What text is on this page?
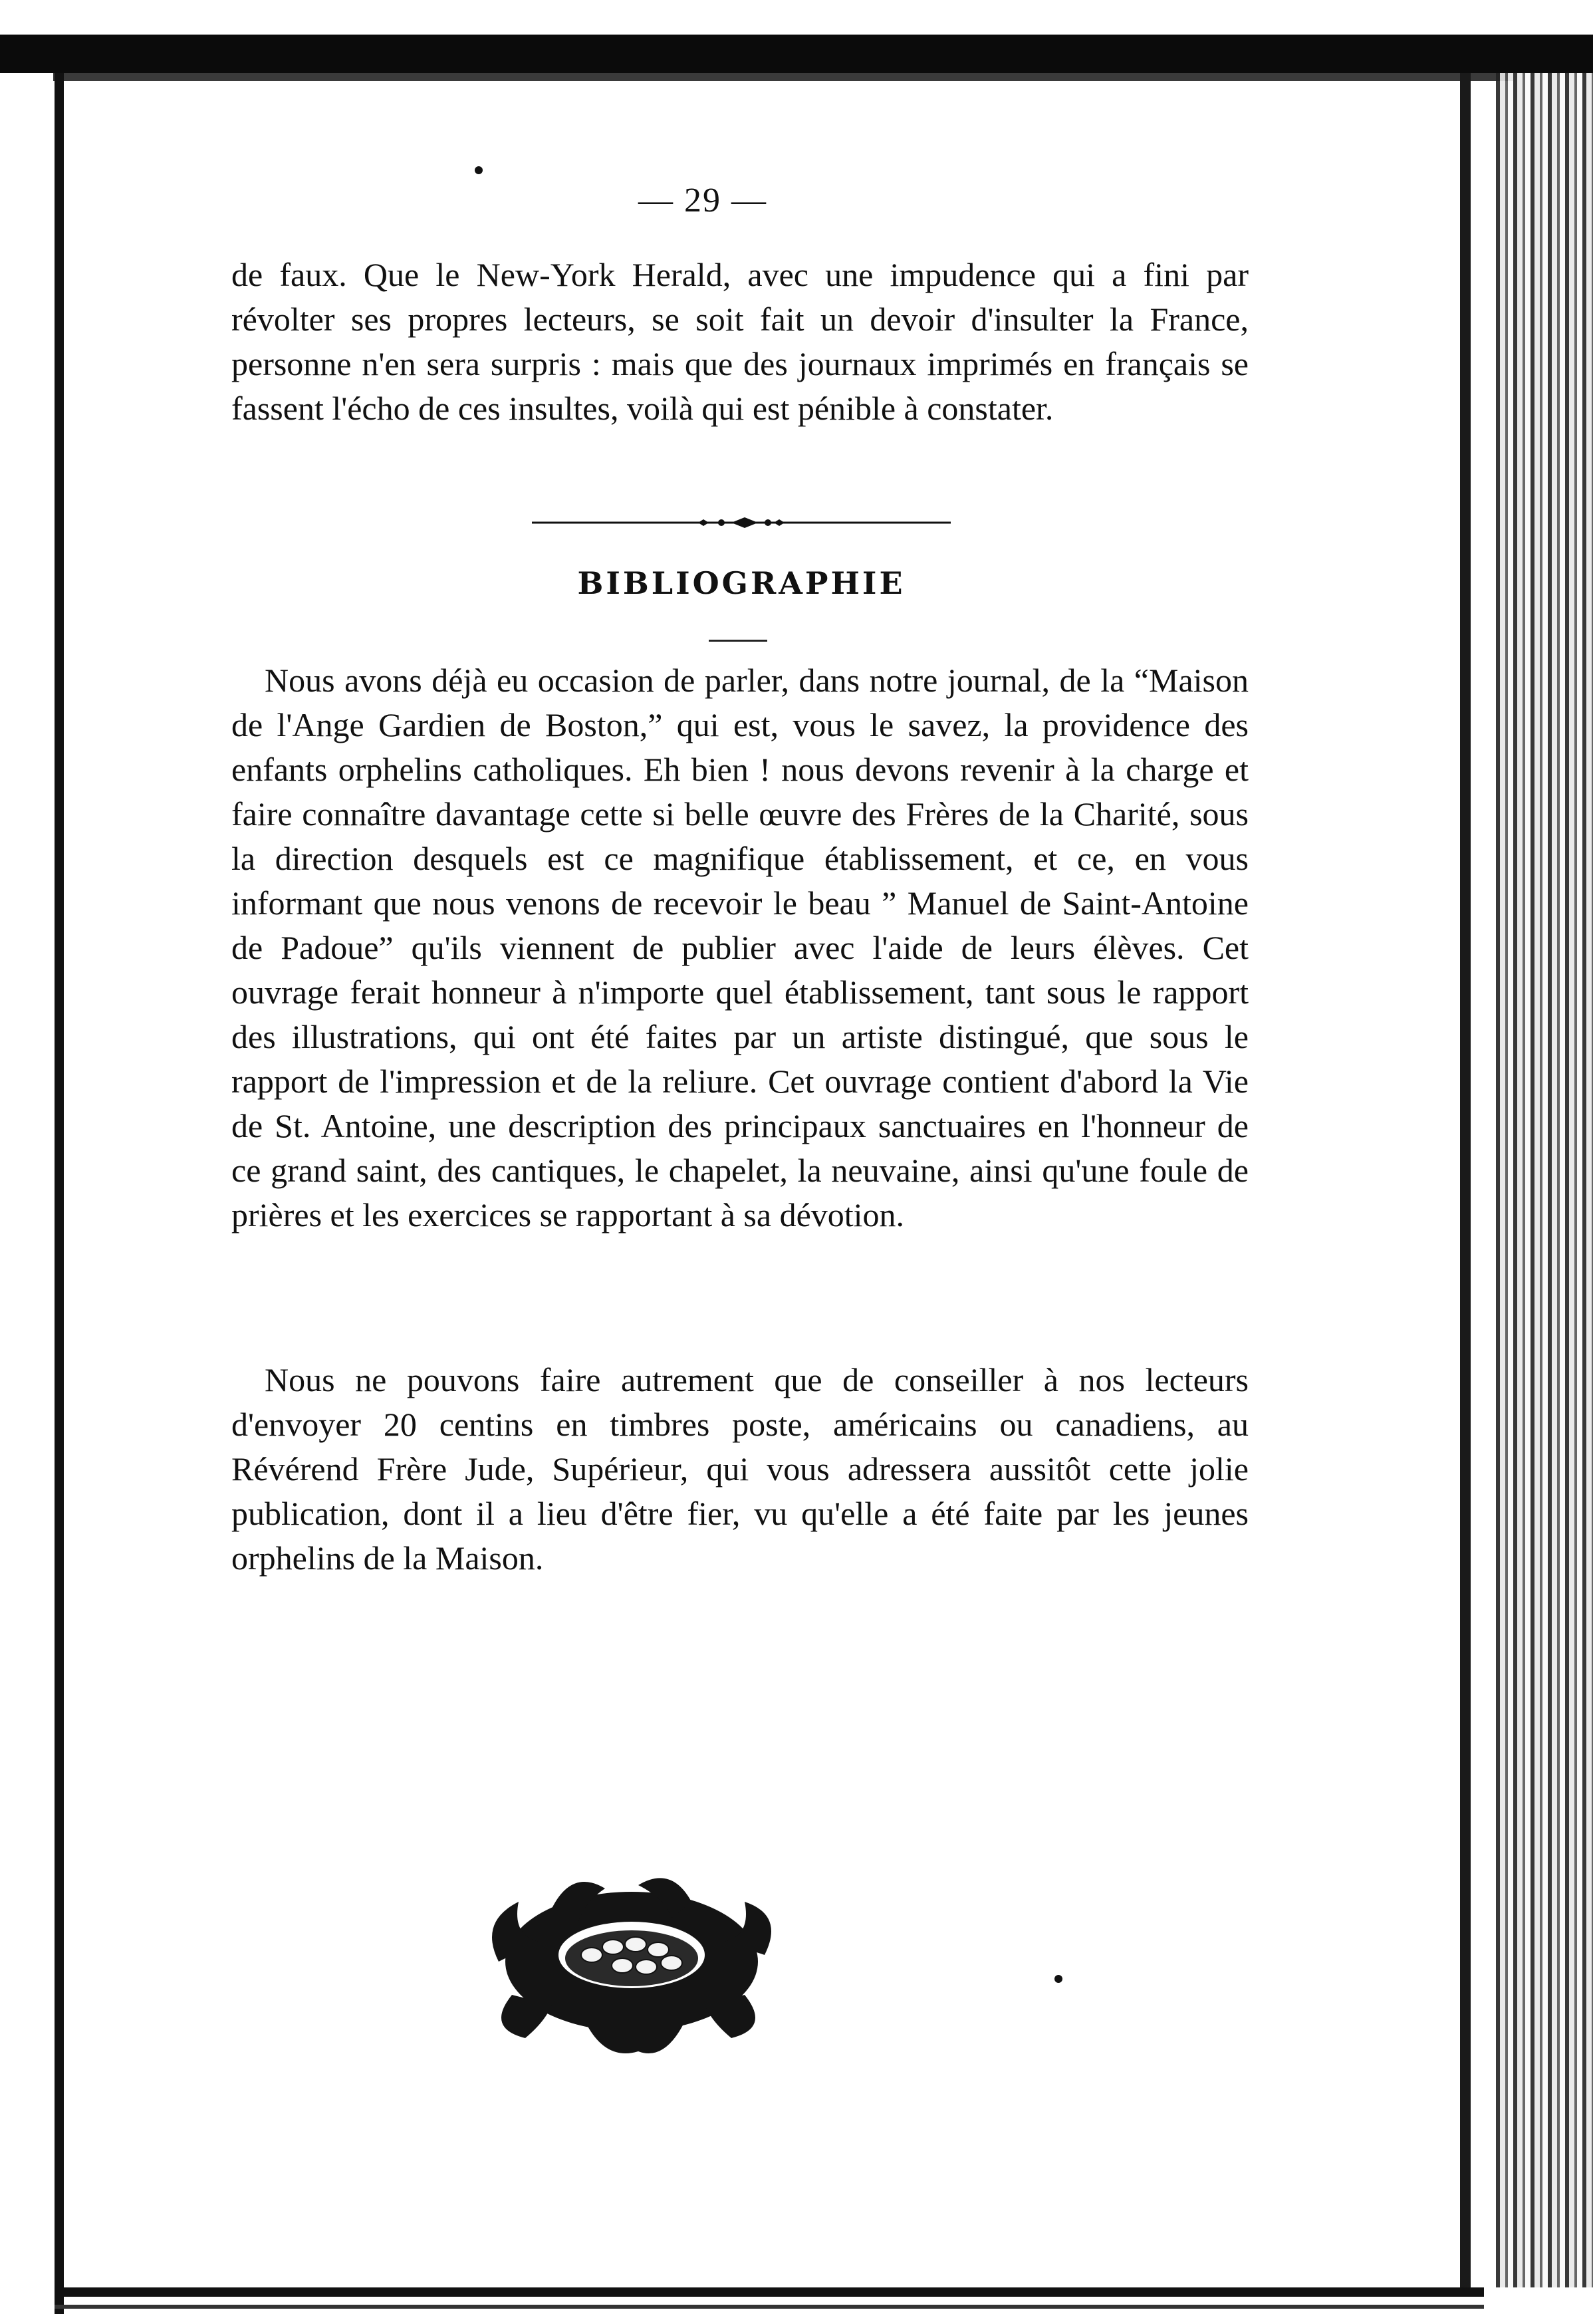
— 29 —
de faux. Que le New-York Herald, avec une impudence qui a fini par révolter ses propres lecteurs, se soit fait un devoir d'insulter la France, personne n'en sera surpris : mais que des journaux imprimés en français se fassent l'écho de ces insultes, voilà qui est pénible à constater.
BIBLIOGRAPHIE
Nous avons déjà eu occasion de parler, dans notre journal, de la “Maison de l'Ange Gardien de Boston,” qui est, vous le savez, la providence des enfants orphelins catholiques. Eh bien ! nous devons revenir à la charge et faire connaître davantage cette si belle œuvre des Frères de la Charité, sous la direction desquels est ce magnifique établissement, et ce, en vous informant que nous venons de recevoir le beau ” Manuel de Saint-Antoine de Padoue” qu'ils viennent de publier avec l'aide de leurs élèves. Cet ouvrage ferait honneur à n'importe quel établissement, tant sous le rapport des illustrations, qui ont été faites par un artiste distingué, que sous le rapport de l'impression et de la reliure. Cet ouvrage contient d'abord la Vie de St. Antoine, une description des principaux sanctuaires en l'honneur de ce grand saint, des cantiques, le chapelet, la neuvaine, ainsi qu'une foule de prières et les exercices se rapportant à sa dévotion.
Nous ne pouvons faire autrement que de conseiller à nos lecteurs d'envoyer 20 centins en timbres poste, américains ou canadiens, au Révérend Frère Jude, Supérieur, qui vous adressera aussitôt cette jolie publication, dont il a lieu d'être fier, vu qu'elle a été faite par les jeunes orphelins de la Maison.
